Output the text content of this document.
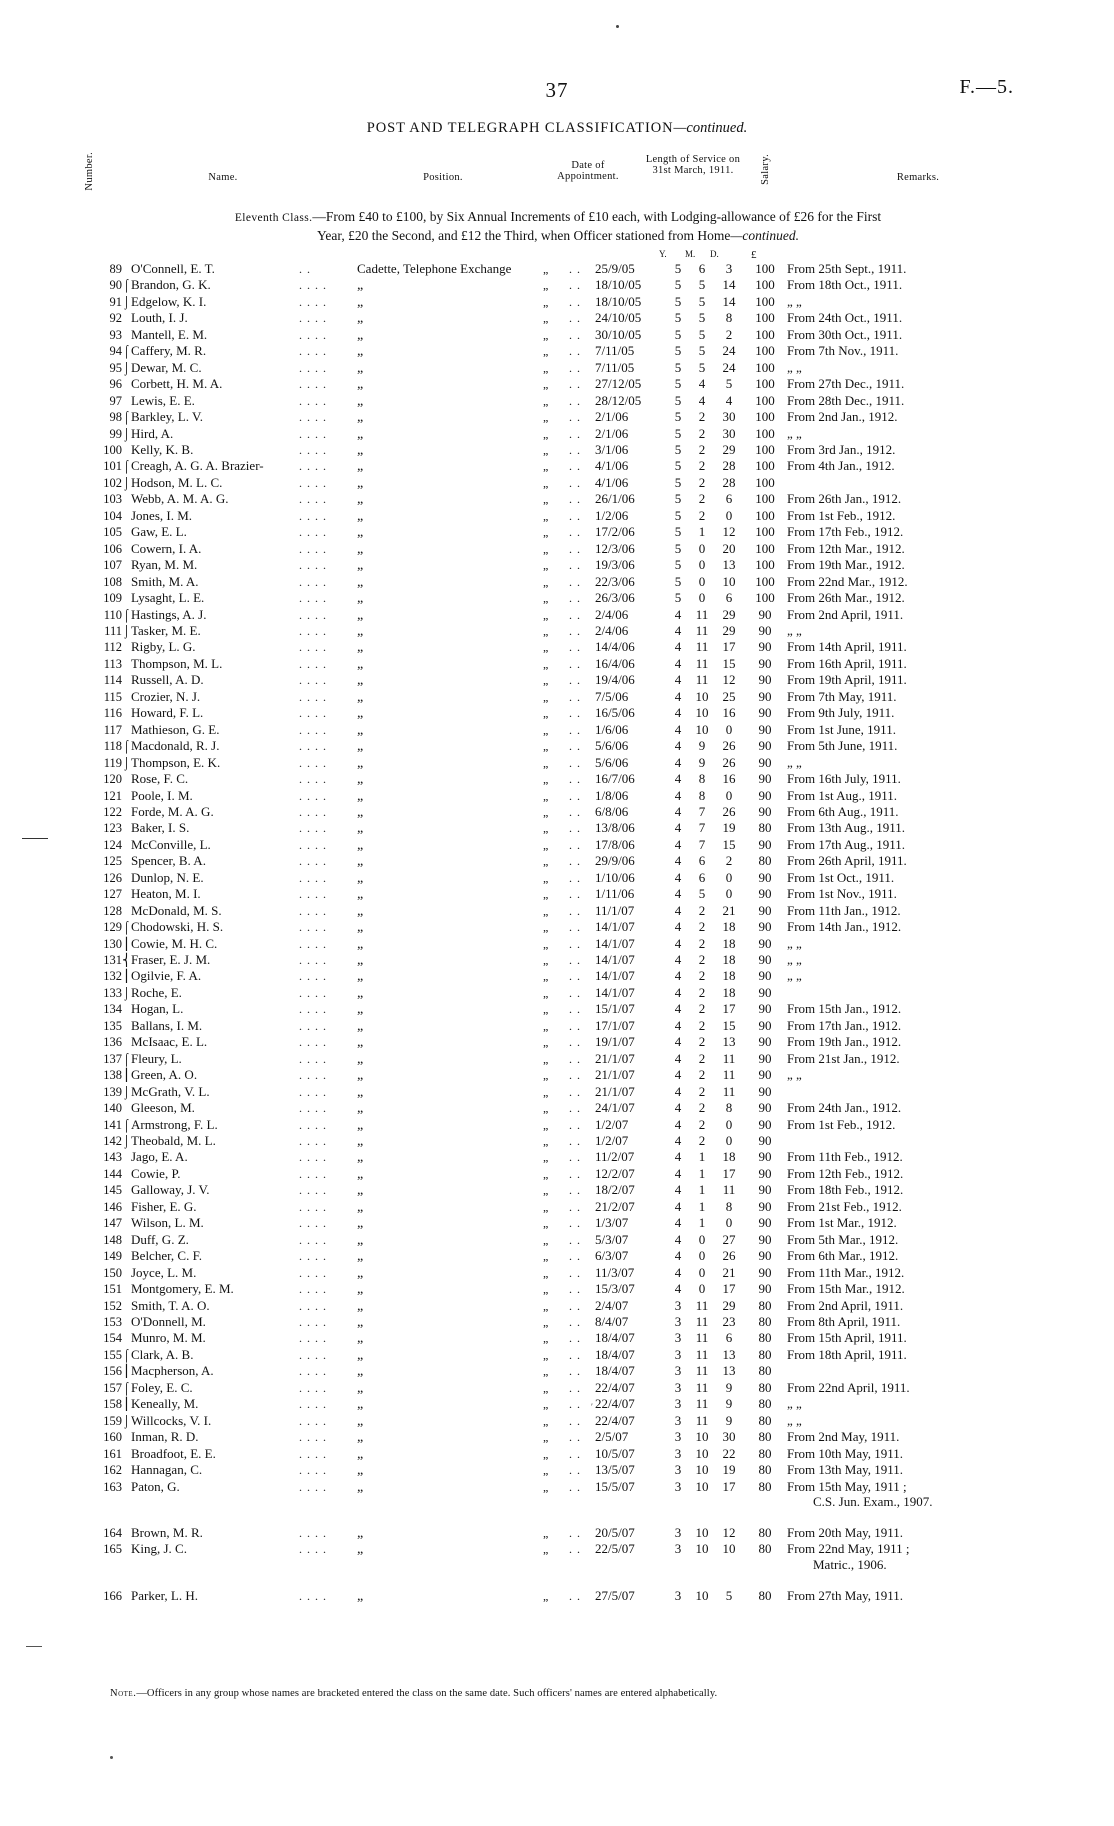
37	F.—5.
POST AND TELEGRAPH CLASSIFICATION—continued.
Number.	Name.	Position.
Date of Appointment.
Length of Service on 31st March, 1911.	Salary.	Remarks.
Eleventh Class.—From £40 to £100, by Six Annual Increments of £10 each, with Lodging-allowance of £26 for the First
Year, £20 the Second, and £12 the Third, when Officer stationed from Home—continued.
Y. M. D.	£
89		O'Connell, E. T.	. .	Cadette, Telephone Exchange	„	. .	25/9/05	5	6	3	100	From 25th Sept., 1911.
90	⌠	Brandon, G. K.	. . . .	„	„	. .	18/10/05	5	5	14	100	From 18th Oct., 1911.
91	⌡	Edgelow, K. I.	. . . .	„	„	. .	18/10/05	5	5	14	100	„ „
92		Louth, I. J.	. . . .	„	„	. .	24/10/05	5	5	8	100	From 24th Oct., 1911.
93		Mantell, E. M.	. . . .	„	„	. .	30/10/05	5	5	2	100	From 30th Oct., 1911.
94	⌠	Caffery, M. R.	. . . .	„	„	. .	7/11/05	5	5	24	100	From 7th Nov., 1911.
95	⌡	Dewar, M. C.	. . . .	„	„	. .	7/11/05	5	5	24	100	„ „
96		Corbett, H. M. A.	. . . .	„	„	. .	27/12/05	5	4	5	100	From 27th Dec., 1911.
97		Lewis, E. E.	. . . .	„	„	. .	28/12/05	5	4	4	100	From 28th Dec., 1911.
98	⌠	Barkley, L. V.	. . . .	„	„	. .	2/1/06	5	2	30	100	From 2nd Jan., 1912.
99	⌡	Hird, A.	. . . .	„	„	. .	2/1/06	5	2	30	100	„ „
100		Kelly, K. B.	. . . .	„	„	. .	3/1/06	5	2	29	100	From 3rd Jan., 1912.
101	⌠	Creagh, A. G. A. Brazier-	. . . .	„	„	. .	4/1/06	5	2	28	100	From 4th Jan., 1912.
102	⌡	Hodson, M. L. C.	. . . .	„	„	. .	4/1/06	5	2	28	100	
103		Webb, A. M. A. G.	. . . .	„	„	. .	26/1/06	5	2	6	100	From 26th Jan., 1912.
104		Jones, I. M.	. . . .	„	„	. .	1/2/06	5	2	0	100	From 1st Feb., 1912.
105		Gaw, E. L.	. . . .	„	„	. .	17/2/06	5	1	12	100	From 17th Feb., 1912.
106		Cowern, I. A.	. . . .	„	„	. .	12/3/06	5	0	20	100	From 12th Mar., 1912.
107		Ryan, M. M.	. . . .	„	„	. .	19/3/06	5	0	13	100	From 19th Mar., 1912.
108		Smith, M. A.	. . . .	„	„	. .	22/3/06	5	0	10	100	From 22nd Mar., 1912.
109		Lysaght, L. E.	. . . .	„	„	. .	26/3/06	5	0	6	100	From 26th Mar., 1912.
110	⌠	Hastings, A. J.	. . . .	„	„	. .	2/4/06	4	11	29	90	From 2nd April, 1911.
111	⌡	Tasker, M. E.	. . . .	„	„	. .	2/4/06	4	11	29	90	„ „
112		Rigby, L. G.	. . . .	„	„	. .	14/4/06	4	11	17	90	From 14th April, 1911.
113		Thompson, M. L.	. . . .	„	„	. .	16/4/06	4	11	15	90	From 16th April, 1911.
114		Russell, A. D.	. . . .	„	„	. .	19/4/06	4	11	12	90	From 19th April, 1911.
115		Crozier, N. J.	. . . .	„	„	. .	7/5/06	4	10	25	90	From 7th May, 1911.
116		Howard, F. L.	. . . .	„	„	. .	16/5/06	4	10	16	90	From 9th July, 1911.
117		Mathieson, G. E.	. . . .	„	„	. .	1/6/06	4	10	0	90	From 1st June, 1911.
118	⌠	Macdonald, R. J.	. . . .	„	„	. .	5/6/06	4	9	26	90	From 5th June, 1911.
119	⌡	Thompson, E. K.	. . . .	„	„	. .	5/6/06	4	9	26	90	„ „
120		Rose, F. C.	. . . .	„	„	. .	16/7/06	4	8	16	90	From 16th July, 1911.
121		Poole, I. M.	. . . .	„	„	. .	1/8/06	4	8	0	90	From 1st Aug., 1911.
122		Forde, M. A. G.	. . . .	„	„	. .	6/8/06	4	7	26	90	From 6th Aug., 1911.
123		Baker, I. S.	. . . .	„	„	. .	13/8/06	4	7	19	80	From 13th Aug., 1911.
124		McConville, L.	. . . .	„	„	. .	17/8/06	4	7	15	90	From 17th Aug., 1911.
125		Spencer, B. A.	. . . .	„	„	. .	29/9/06	4	6	2	80	From 26th April, 1911.
126		Dunlop, N. E.	. . . .	„	„	. .	1/10/06	4	6	0	90	From 1st Oct., 1911.
127		Heaton, M. I.	. . . .	„	„	. .	1/11/06	4	5	0	90	From 1st Nov., 1911.
128		McDonald, M. S.	. . . .	„	„	. .	11/1/07	4	2	21	90	From 11th Jan., 1912.
129	⌠	Chodowski, H. S.	. . . .	„	„	. .	14/1/07	4	2	18	90	From 14th Jan., 1912.
130	⎮	Cowie, M. H. C.	. . . .	„	„	. .	14/1/07	4	2	18	90	„ „
131	⎨	Fraser, E. J. M.	. . . .	„	„	. .	14/1/07	4	2	18	90	„ „
132	⎮	Ogilvie, F. A.	. . . .	„	„	. .	14/1/07	4	2	18	90	„ „
133	⌡	Roche, E.	. . . .	„	„	. .	14/1/07	4	2	18	90	
134		Hogan, L.	. . . .	„	„	. .	15/1/07	4	2	17	90	From 15th Jan., 1912.
135		Ballans, I. M.	. . . .	„	„	. .	17/1/07	4	2	15	90	From 17th Jan., 1912.
136		McIsaac, E. L.	. . . .	„	„	. .	19/1/07	4	2	13	90	From 19th Jan., 1912.
137	⌠	Fleury, L.	. . . .	„	„	. .	21/1/07	4	2	11	90	From 21st Jan., 1912.
138	⎮	Green, A. O.	. . . .	„	„	. .	21/1/07	4	2	11	90	„ „
139	⌡	McGrath, V. L.	. . . .	„	„	. .	21/1/07	4	2	11	90	
140		Gleeson, M.	. . . .	„	„	. .	24/1/07	4	2	8	90	From 24th Jan., 1912.
141	⌠	Armstrong, F. L.	. . . .	„	„	. .	1/2/07	4	2	0	90	From 1st Feb., 1912.
142	⌡	Theobald, M. L.	. . . .	„	„	. .	1/2/07	4	2	0	90	
143		Jago, E. A.	. . . .	„	„	. .	11/2/07	4	1	18	90	From 11th Feb., 1912.
144		Cowie, P.	. . . .	„	„	. .	12/2/07	4	1	17	90	From 12th Feb., 1912.
145		Galloway, J. V.	. . . .	„	„	. .	18/2/07	4	1	11	90	From 18th Feb., 1912.
146		Fisher, E. G.	. . . .	„	„	. .	21/2/07	4	1	8	90	From 21st Feb., 1912.
147		Wilson, L. M.	. . . .	„	„	. .	1/3/07	4	1	0	90	From 1st Mar., 1912.
148		Duff, G. Z.	. . . .	„	„	. .	5/3/07	4	0	27	90	From 5th Mar., 1912.
149		Belcher, C. F.	. . . .	„	„	. .	6/3/07	4	0	26	90	From 6th Mar., 1912.
150		Joyce, L. M.	. . . .	„	„	. .	11/3/07	4	0	21	90	From 11th Mar., 1912.
151		Montgomery, E. M.	. . . .	„	„	. .	15/3/07	4	0	17	90	From 15th Mar., 1912.
152		Smith, T. A. O.	. . . .	„	„	. .	2/4/07	3	11	29	80	From 2nd April, 1911.
153		O'Donnell, M.	. . . .	„	„	. .	8/4/07	3	11	23	80	From 8th April, 1911.
154		Munro, M. M.	. . . .	„	„	. .	18/4/07	3	11	6	80	From 15th April, 1911.
155	⌠	Clark, A. B.	. . . .	„	„	. .	18/4/07	3	11	13	80	From 18th April, 1911.
156	⎮	Macpherson, A.	. . . .	„	„	. .	18/4/07	3	11	13	80	
157	⌠	Foley, E. C.	. . . .	„	„	. .	22/4/07	3	11	9	80	From 22nd April, 1911.
158	⎮	Keneally, M.	. . . .	„	„	. .	22/4/07	3	11	9	80	„ „
159	⌡	Willcocks, V. I.	. . . .	„	„	. .	22/4/07	3	11	9	80	„ „
160		Inman, R. D.	. . . .	„	„	. .	2/5/07	3	10	30	80	From 2nd May, 1911.
161		Broadfoot, E. E.	. . . .	„	„	. .	10/5/07	3	10	22	80	From 10th May, 1911.
162		Hannagan, C.	. . . .	„	„	. .	13/5/07	3	10	19	80	From 13th May, 1911.
163		Paton, G.	. . . .	„	„	. .	15/5/07	3	10	17	80	From 15th May, 1911 ;
C.S. Jun. Exam., 1907.

164		Brown, M. R.	. . . .	„	„	. .	20/5/07	3	10	12	80	From 20th May, 1911.
165		King, J. C.	. . . .	„	„	. .	22/5/07	3	10	10	80	From 22nd May, 1911 ;
Matric., 1906.

166		Parker, L. H.	. . . .	„	„	. .	27/5/07	3	10	5	80	From 27th May, 1911.
Note.—Officers in any group whose names are bracketed entered the class on the same date. Such officers' names are entered alphabetically.
′
